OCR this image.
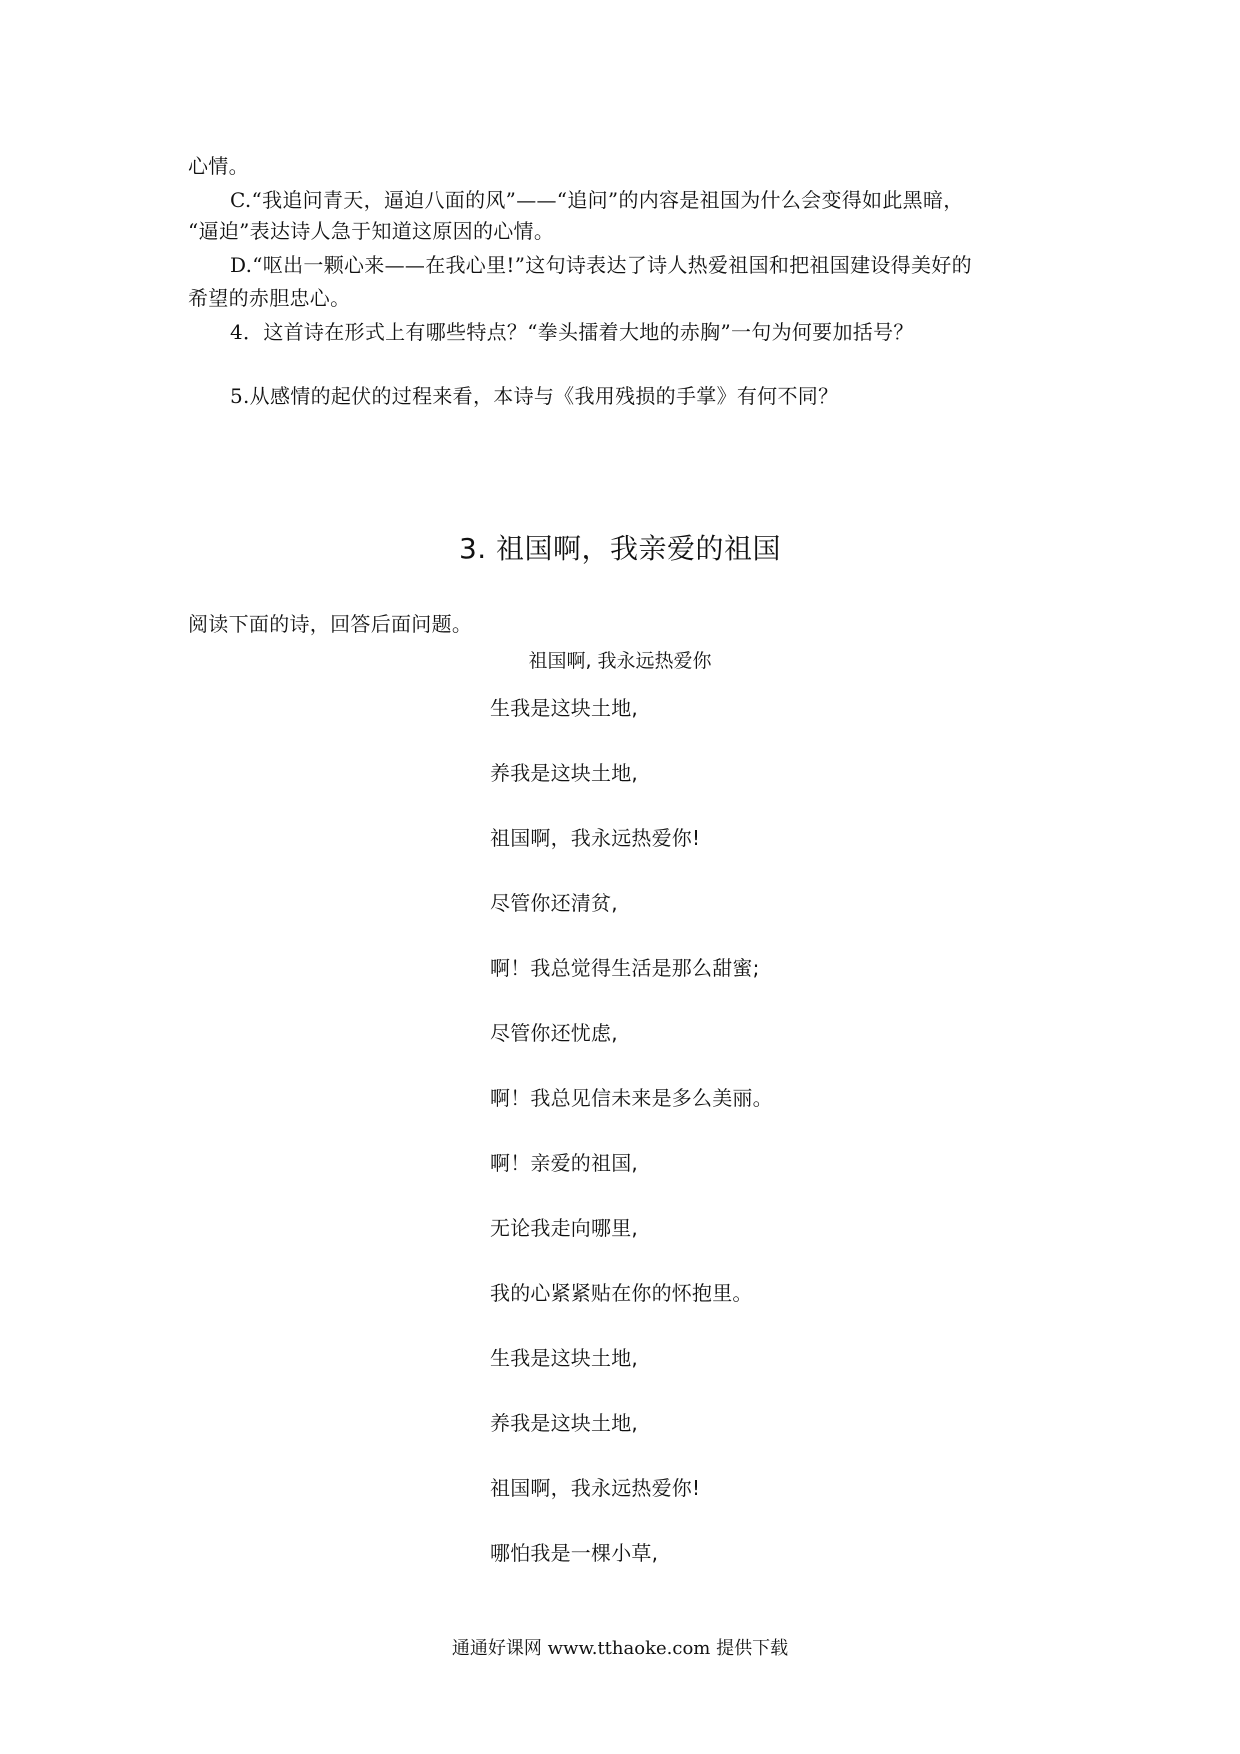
心情。
C.“我追问青天，逼迫八面的风”——“追问”的内容是祖国为什么会变得如此黑暗，
“逼迫”表达诗人急于知道这原因的心情。
D.“呕出一颗心来——在我心里!”这句诗表达了诗人热爱祖国和把祖国建设得美好的
希望的赤胆忠心。
4．这首诗在形式上有哪些特点？“拳头擂着大地的赤胸”一句为何要加括号？
5.从感情的起伏的过程来看，本诗与《我用残损的手掌》有何不同？
3. 祖国啊，我亲爱的祖国
阅读下面的诗，回答后面问题。
祖国啊, 我永远热爱你
生我是这块土地,
养我是这块土地,
祖国啊，我永远热爱你!
尽管你还清贫,
啊！我总觉得生活是那么甜蜜;
尽管你还忧虑,
啊！我总见信未来是多么美丽。
啊！亲爱的祖国,
无论我走向哪里,
我的心紧紧贴在你的怀抱里。
生我是这块土地,
养我是这块土地,
祖国啊，我永远热爱你!
哪怕我是一棵小草,
通通好课网 www.tthaoke.com 提供下载
